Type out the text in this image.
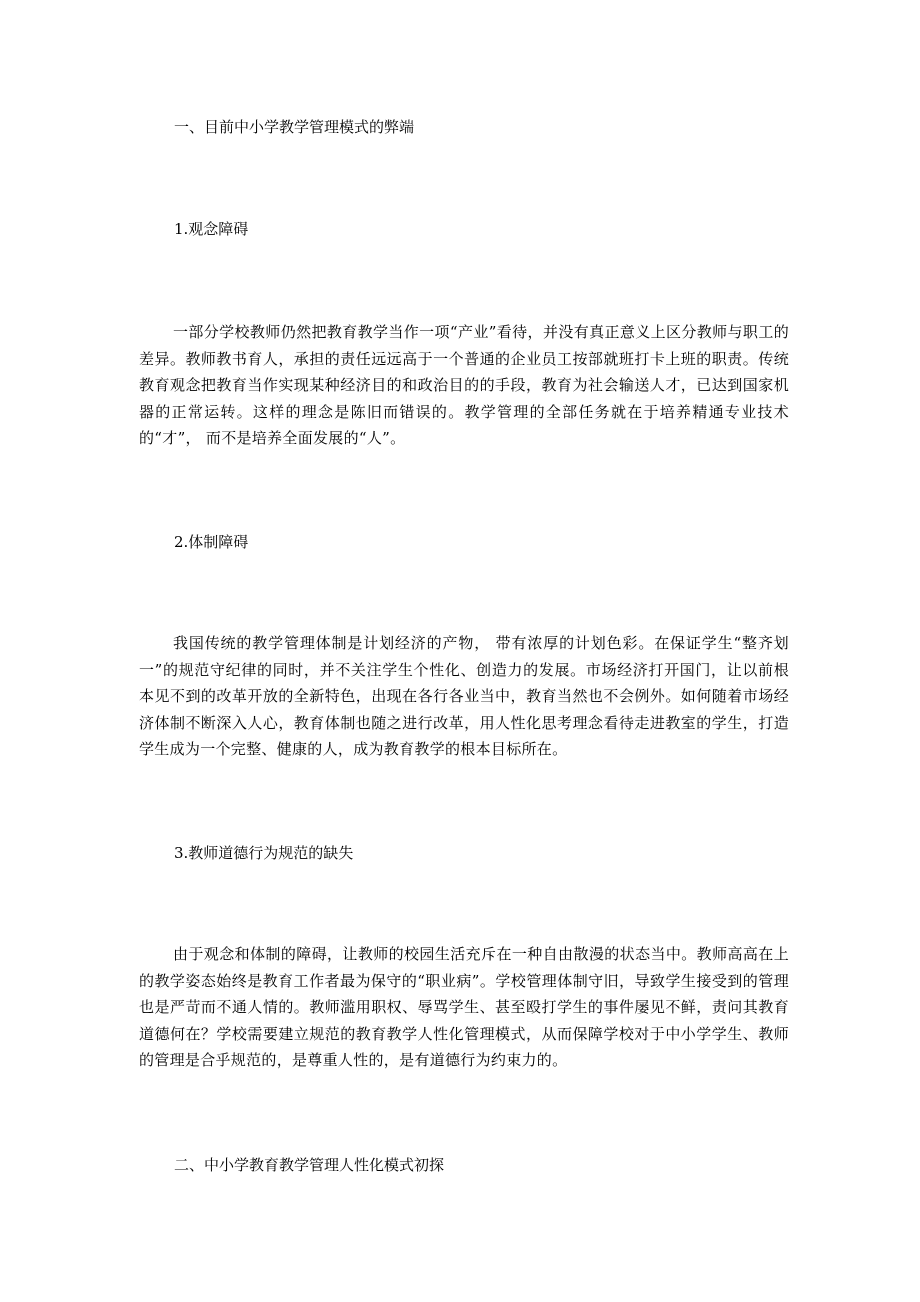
一、目前中小学教学管理模式的弊端
1.观念障碍
一部分学校教师仍然把教育教学当作一项“产业”看待，并没有真正意义上区分教师与职工的差异。教师教书育人，承担的责任远远高于一个普通的企业员工按部就班打卡上班的职责。传统教育观念把教育当作实现某种经济目的和政治目的的手段，教育为社会输送人才，已达到国家机器的正常运转。这样的理念是陈旧而错误的。教学管理的全部任务就在于培养精通专业技术的“才”， 而不是培养全面发展的“人”。
2.体制障碍
我国传统的教学管理体制是计划经济的产物， 带有浓厚的计划色彩。在保证学生“整齐划一”的规范守纪律的同时，并不关注学生个性化、创造力的发展。市场经济打开国门，让以前根本见不到的改革开放的全新特色，出现在各行各业当中，教育当然也不会例外。如何随着市场经济体制不断深入人心，教育体制也随之进行改革，用人性化思考理念看待走进教室的学生，打造学生成为一个完整、健康的人，成为教育教学的根本目标所在。
3.教师道德行为规范的缺失
由于观念和体制的障碍，让教师的校园生活充斥在一种自由散漫的状态当中。教师高高在上的教学姿态始终是教育工作者最为保守的“职业病”。学校管理体制守旧，导致学生接受到的管理也是严苛而不通人情的。教师滥用职权、辱骂学生、甚至殴打学生的事件屡见不鲜，责问其教育道德何在？学校需要建立规范的教育教学人性化管理模式，从而保障学校对于中小学学生、教师的管理是合乎规范的，是尊重人性的，是有道德行为约束力的。
二、中小学教育教学管理人性化模式初探
